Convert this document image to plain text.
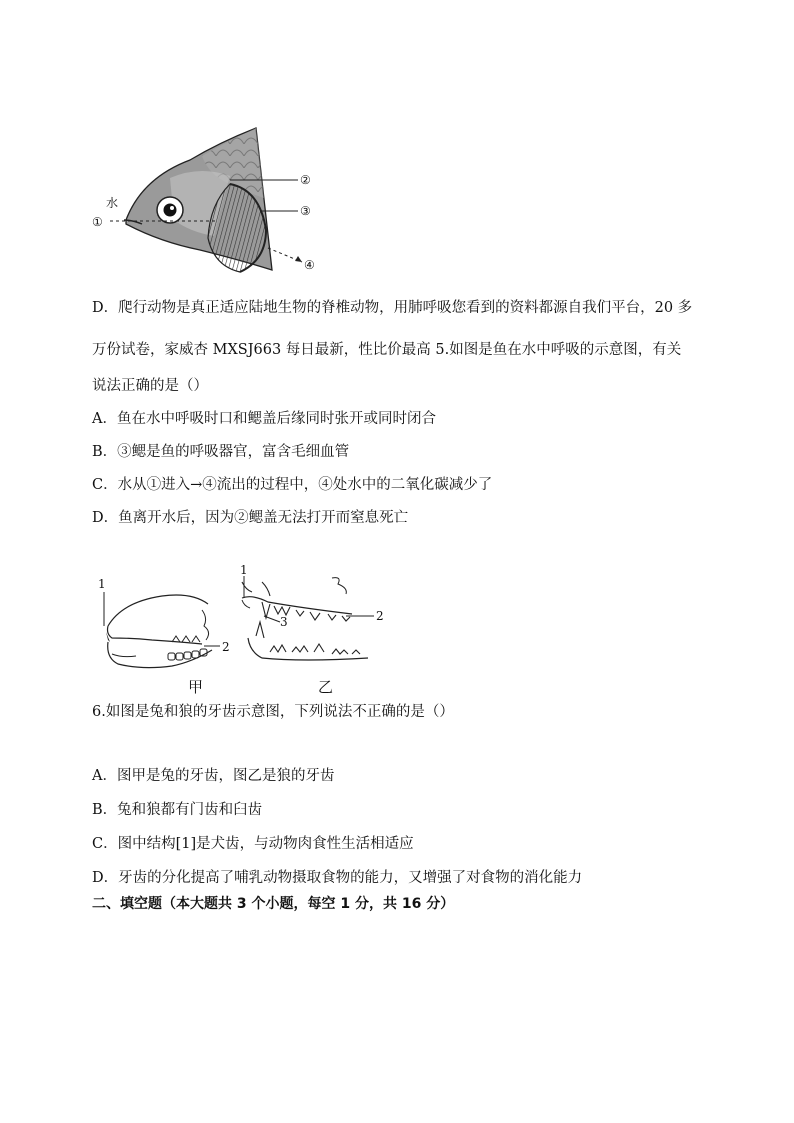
水
①
②
③
④
D．爬行动物是真正适应陆地生物的脊椎动物，用肺呼吸您看到的资料都源自我们平台，20 多
万份试卷，家威杏 MXSJ663 每日最新，性比价最高 5.如图是鱼在水中呼吸的示意图，有关
说法正确的是（）
A．鱼在水中呼吸时口和鳃盖后缘同时张开或同时闭合
B．③鳃是鱼的呼吸器官，富含毛细血管
C．水从①进入→④流出的过程中，④处水中的二氧化碳减少了
D．鱼离开水后，因为②鳃盖无法打开而窒息死亡
1
2
1
2
3
甲	乙
6.如图是兔和狼的牙齿示意图，下列说法不正确的是（）
A．图甲是兔的牙齿，图乙是狼的牙齿
B．兔和狼都有门齿和臼齿
C．图中结构[1]是犬齿，与动物肉食性生活相适应
D．牙齿的分化提高了哺乳动物摄取食物的能力，又增强了对食物的消化能力
二、填空题（本大题共 3 个小题，每空 1 分，共 16 分）
